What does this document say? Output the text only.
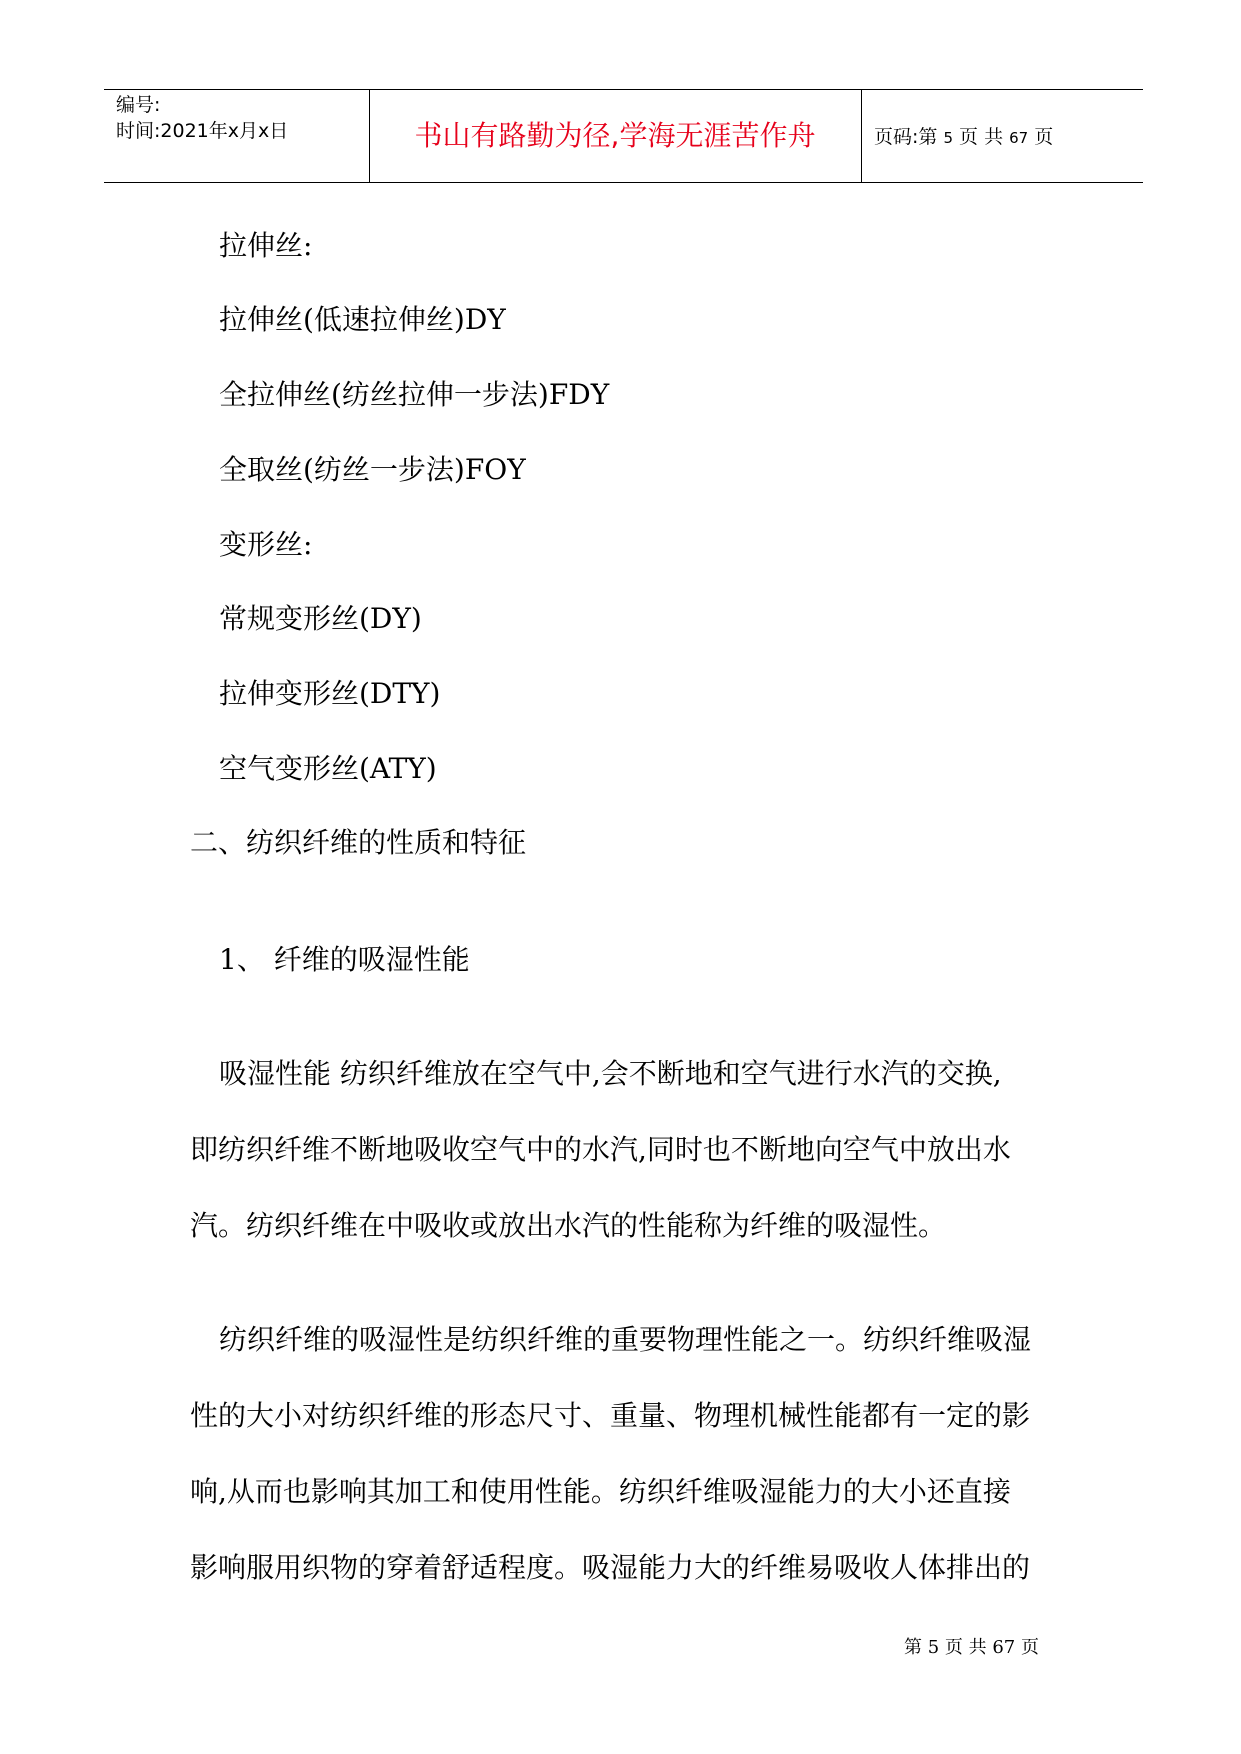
编号:
时间:2021年x月x日	书山有路勤为径,学海无涯苦作舟	页码:第 5 页 共 67 页
拉伸丝:
拉伸丝(低速拉伸丝)DY
全拉伸丝(纺丝拉伸一步法)FDY
全取丝(纺丝一步法)FOY
变形丝:
常规变形丝(DY)
拉伸变形丝(DTY)
空气变形丝(ATY)
二、纺织纤维的性质和特征
1、 纤维的吸湿性能
吸湿性能 纺织纤维放在空气中,会不断地和空气进行水汽的交换,
即纺织纤维不断地吸收空气中的水汽,同时也不断地向空气中放出水
汽。纺织纤维在中吸收或放出水汽的性能称为纤维的吸湿性。
纺织纤维的吸湿性是纺织纤维的重要物理性能之一。纺织纤维吸湿
性的大小对纺织纤维的形态尺寸、重量、物理机械性能都有一定的影
响,从而也影响其加工和使用性能。纺织纤维吸湿能力的大小还直接
影响服用织物的穿着舒适程度。吸湿能力大的纤维易吸收人体排出的
第 5 页 共 67 页
